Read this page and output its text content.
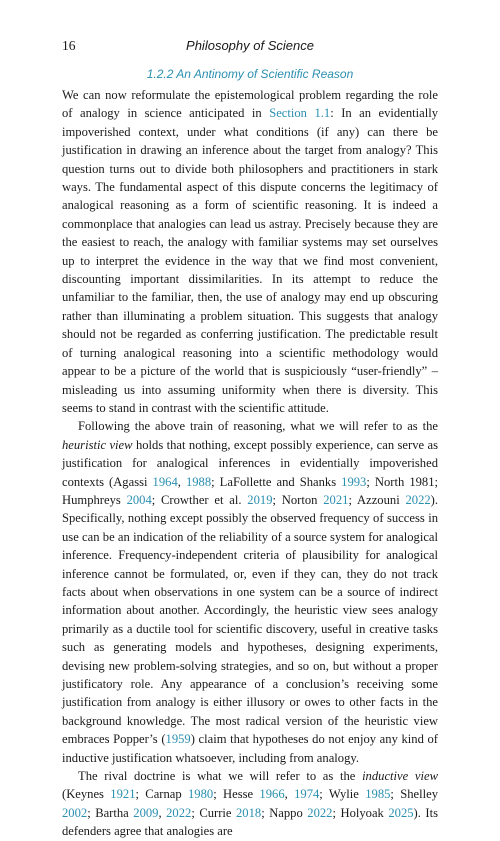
16	Philosophy of Science
1.2.2 An Antinomy of Scientific Reason

We can now reformulate the epistemological problem regarding the role of analogy in science anticipated in Section 1.1: In an evidentially impoverished context, under what conditions (if any) can there be justification in drawing an inference about the target from analogy? This question turns out to divide both philosophers and practitioners in stark ways. The fundamental aspect of this dispute concerns the legitimacy of analogical reasoning as a form of scientific reasoning. It is indeed a commonplace that analogies can lead us astray. Precisely because they are the easiest to reach, the analogy with familiar systems may set ourselves up to interpret the evidence in the way that we find most convenient, discounting important dissimilarities. In its attempt to reduce the unfamiliar to the familiar, then, the use of analogy may end up obscuring rather than illuminating a problem situation. This suggests that analogy should not be regarded as conferring justification. The predictable result of turning analogical reasoning into a scientific methodology would appear to be a picture of the world that is suspiciously “user-friendly” – misleading us into assuming uniformity when there is diversity. This seems to stand in contrast with the scientific attitude.

Following the above train of reasoning, what we will refer to as the heuristic view holds that nothing, except possibly experience, can serve as justification for analogical inferences in evidentially impoverished contexts (Agassi 1964, 1988; LaFollette and Shanks 1993; North 1981; Humphreys 2004; Crowther et al. 2019; Norton 2021; Azzouni 2022). Specifically, nothing except possibly the observed frequency of success in use can be an indication of the reliability of a source system for analogical inference. Frequency-independent criteria of plausibility for analogical inference cannot be formulated, or, even if they can, they do not track facts about when observations in one system can be a source of indirect information about another. Accordingly, the heuristic view sees analogy primarily as a ductile tool for scientific discovery, useful in creative tasks such as generating models and hypotheses, designing experiments, devising new problem-solving strategies, and so on, but without a proper justificatory role. Any appearance of a conclusion’s receiving some justification from analogy is either illusory or owes to other facts in the background knowledge. The most radical version of the heuristic view embraces Popper’s (1959) claim that hypotheses do not enjoy any kind of inductive justification whatsoever, including from analogy.

The rival doctrine is what we will refer to as the inductive view (Keynes 1921; Carnap 1980; Hesse 1966, 1974; Wylie 1985; Shelley 2002; Bartha 2009, 2022; Currie 2018; Nappo 2022; Holyoak 2025). Its defenders agree that analogies are
